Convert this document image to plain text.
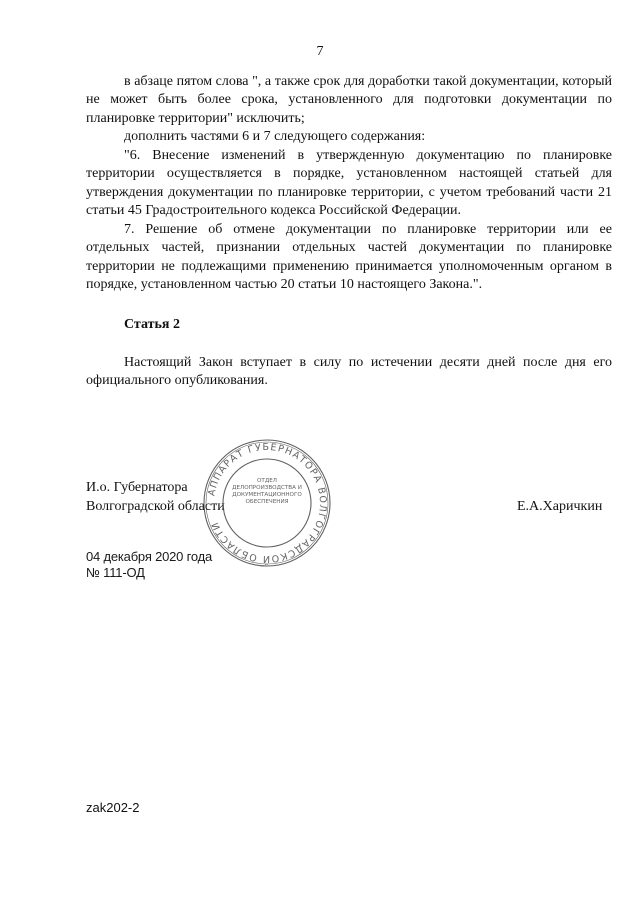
7

в абзаце пятом слова ", а также срок для доработки такой документации, который не может быть более срока, установленного для подготовки документации по планировке территории" исключить;

дополнить частями 6 и 7 следующего содержания:

"6. Внесение изменений в утвержденную документацию по планировке территории осуществляется в порядке, установленном настоящей статьей для утверждения документации по планировке территории, с учетом требований части 21 статьи 45 Градостроительного кодекса Российской Федерации.

7. Решение об отмене документации по планировке территории или ее отдельных частей, признании отдельных частей документации по планировке территории не подлежащими применению принимается уполномоченным органом в порядке, установленном частью 20 статьи 10 настоящего Закона.".

Статья 2

Настоящий Закон вступает в силу по истечении десяти дней после дня его официального опубликования.

И.о. Губернатора
Волгоградской области	Е.А.Харичкин
АППАРАТ ГУБЕРНАТОРА ВОЛГОГРАДСКОЙ ОБЛАСТИ
ОТДЕЛ ДЕЛОПРОИЗВОДСТВА И ДОКУМЕНТАЦИОННОГО ОБЕСПЕЧЕНИЯ
04 декабря 2020 года
№ 111-ОД
zak202-2
